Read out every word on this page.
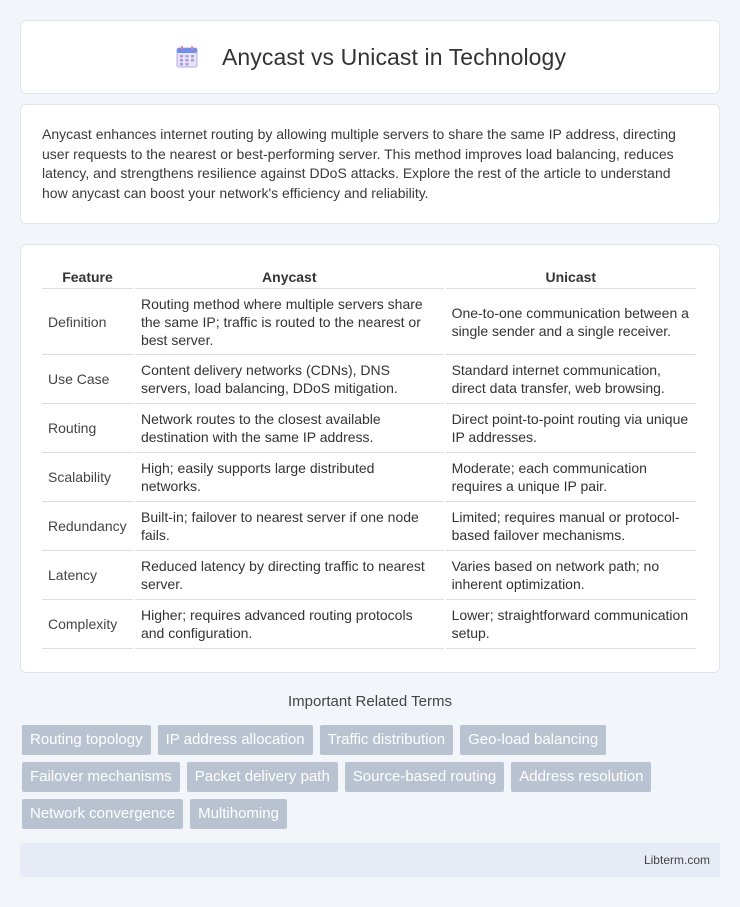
Anycast vs Unicast in Technology

Anycast enhances internet routing by allowing multiple servers to share the same IP address, directing user requests to the nearest or best-performing server. This method improves load balancing, reduces latency, and strengthens resilience against DDoS attacks. Explore the rest of the article to understand how anycast can boost your network's efficiency and reliability.

Feature	Anycast	Unicast
Definition	Routing method where multiple servers share the same IP; traffic is routed to the nearest or best server.	One-to-one communication between a single sender and a single receiver.
Use Case	Content delivery networks (CDNs), DNS servers, load balancing, DDoS mitigation.	Standard internet communication, direct data transfer, web browsing.
Routing	Network routes to the closest available destination with the same IP address.	Direct point-to-point routing via unique IP addresses.
Scalability	High; easily supports large distributed networks.	Moderate; each communication requires a unique IP pair.
Redundancy	Built-in; failover to nearest server if one node fails.	Limited; requires manual or protocol-based failover mechanisms.
Latency	Reduced latency by directing traffic to nearest server.	Varies based on network path; no inherent optimization.
Complexity	Higher; requires advanced routing protocols and configuration.	Lower; straightforward communication setup.
Important Related Terms
Routing topology	IP address allocation	Traffic distribution	Geo-load balancing
Failover mechanisms	Packet delivery path	Source-based routing	Address resolution
Network convergence	Multihoming
Libterm.com
